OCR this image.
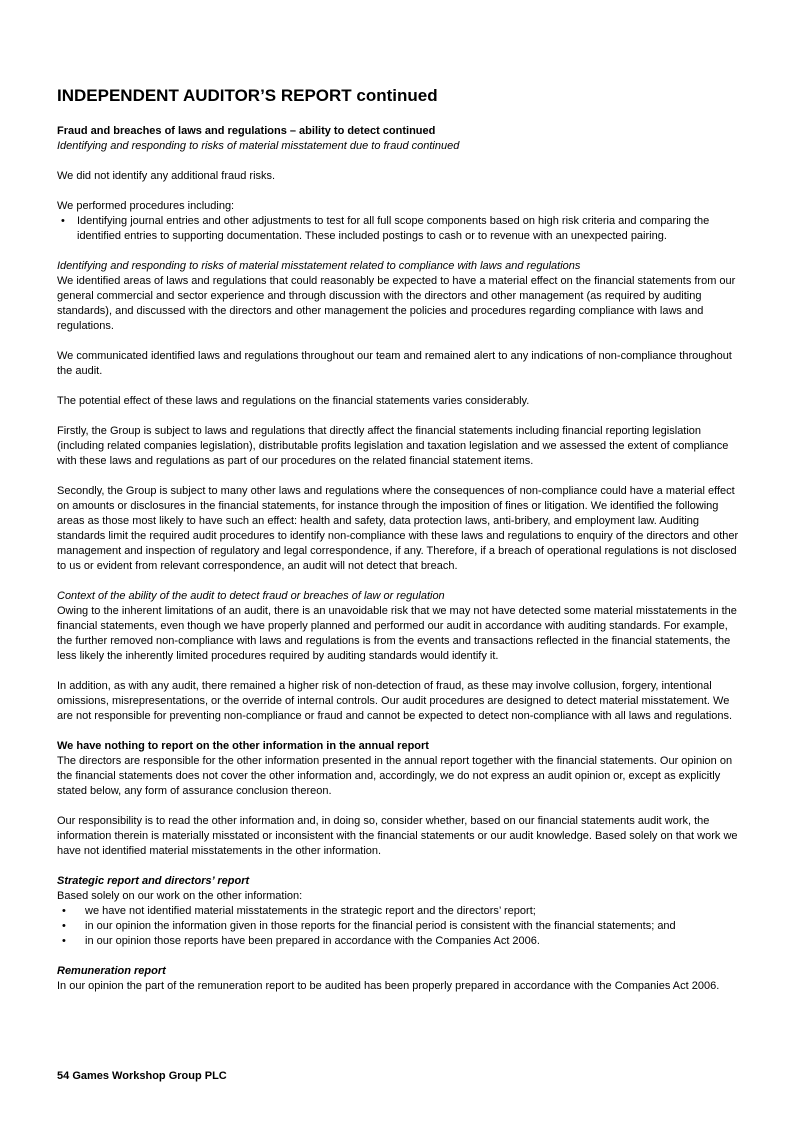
INDEPENDENT AUDITOR’S REPORT continued

Fraud and breaches of laws and regulations – ability to detect continued

Identifying and responding to risks of material misstatement due to fraud continued

We did not identify any additional fraud risks.

We performed procedures including:

•	Identifying journal entries and other adjustments to test for all full scope components based on high risk criteria and comparing the identified entries to supporting documentation. These included postings to cash or to revenue with an unexpected pairing.

Identifying and responding to risks of material misstatement related to compliance with laws and regulations

We identified areas of laws and regulations that could reasonably be expected to have a material effect on the financial statements from our general commercial and sector experience and through discussion with the directors and other management (as required by auditing standards), and discussed with the directors and other management the policies and procedures regarding compliance with laws and regulations.

We communicated identified laws and regulations throughout our team and remained alert to any indications of non-compliance throughout the audit.

The potential effect of these laws and regulations on the financial statements varies considerably.

Firstly, the Group is subject to laws and regulations that directly affect the financial statements including financial reporting legislation (including related companies legislation), distributable profits legislation and taxation legislation and we assessed the extent of compliance with these laws and regulations as part of our procedures on the related financial statement items.

Secondly, the Group is subject to many other laws and regulations where the consequences of non-compliance could have a material effect on amounts or disclosures in the financial statements, for instance through the imposition of fines or litigation. We identified the following areas as those most likely to have such an effect: health and safety, data protection laws, anti-bribery, and employment law. Auditing standards limit the required audit procedures to identify non-compliance with these laws and regulations to enquiry of the directors and other management and inspection of regulatory and legal correspondence, if any. Therefore, if a breach of operational regulations is not disclosed to us or evident from relevant correspondence, an audit will not detect that breach.

Context of the ability of the audit to detect fraud or breaches of law or regulation

Owing to the inherent limitations of an audit, there is an unavoidable risk that we may not have detected some material misstatements in the financial statements, even though we have properly planned and performed our audit in accordance with auditing standards. For example, the further removed non-compliance with laws and regulations is from the events and transactions reflected in the financial statements, the less likely the inherently limited procedures required by auditing standards would identify it.

In addition, as with any audit, there remained a higher risk of non-detection of fraud, as these may involve collusion, forgery, intentional omissions, misrepresentations, or the override of internal controls. Our audit procedures are designed to detect material misstatement. We are not responsible for preventing non-compliance or fraud and cannot be expected to detect non-compliance with all laws and regulations.

We have nothing to report on the other information in the annual report

The directors are responsible for the other information presented in the annual report together with the financial statements. Our opinion on the financial statements does not cover the other information and, accordingly, we do not express an audit opinion or, except as explicitly stated below, any form of assurance conclusion thereon.

Our responsibility is to read the other information and, in doing so, consider whether, based on our financial statements audit work, the information therein is materially misstated or inconsistent with the financial statements or our audit knowledge. Based solely on that work we have not identified material misstatements in the other information.

Strategic report and directors’ report

Based solely on our work on the other information:

•	we have not identified material misstatements in the strategic report and the directors’ report;
•	in our opinion the information given in those reports for the financial period is consistent with the financial statements; and
•	in our opinion those reports have been prepared in accordance with the Companies Act 2006.

Remuneration report

In our opinion the part of the remuneration report to be audited has been properly prepared in accordance with the Companies Act 2006.

54 Games Workshop Group PLC
